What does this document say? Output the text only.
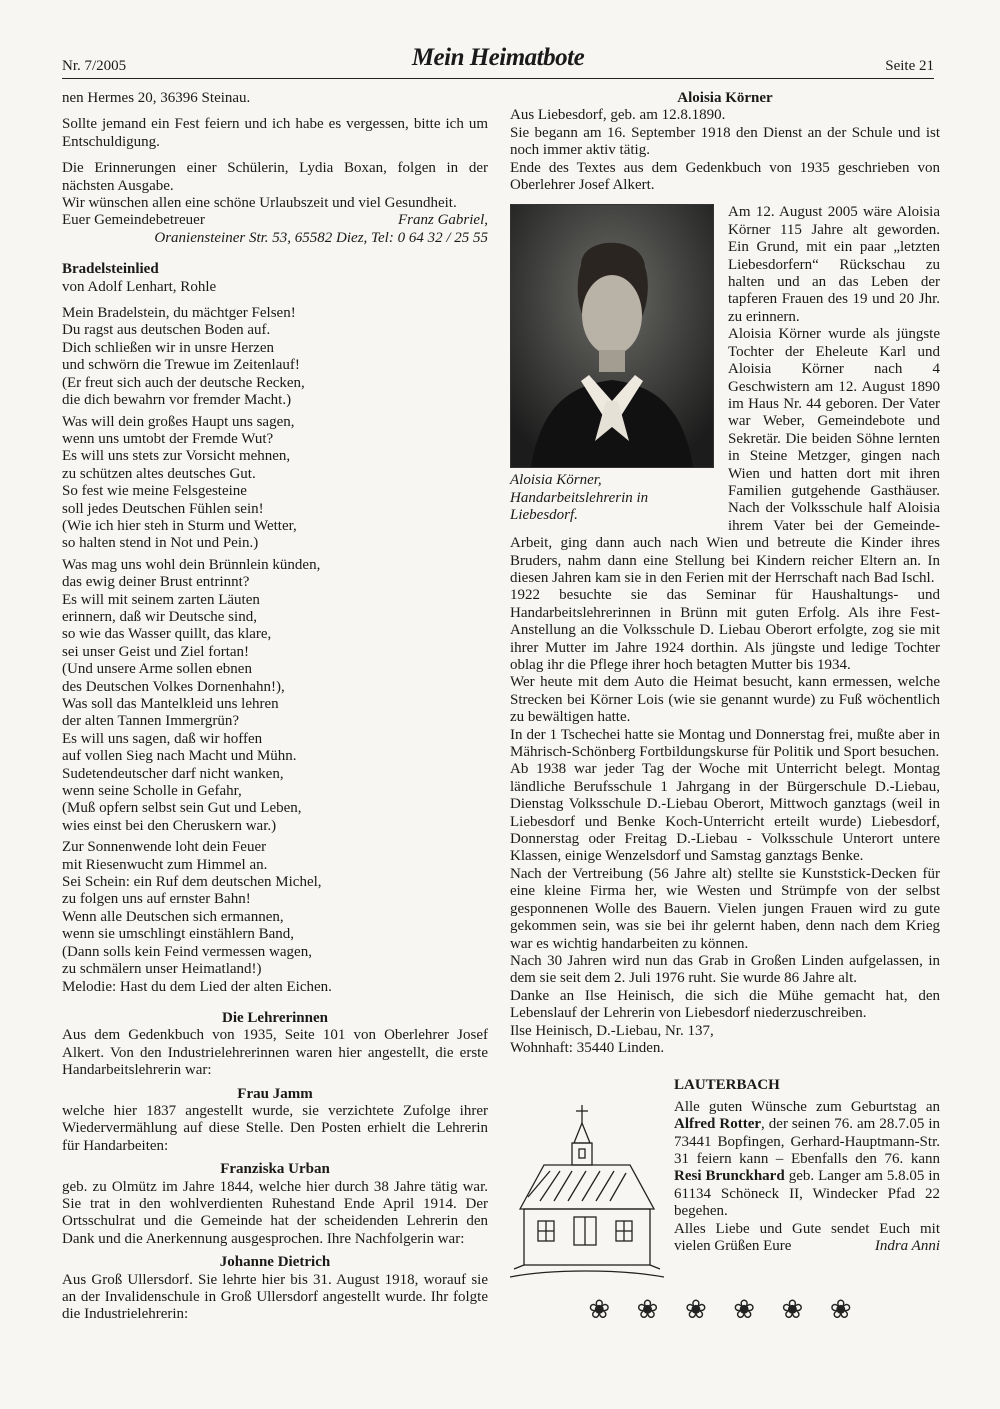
Nr. 7/2005	Mein Heimatbote	Seite 21

nen Hermes 20, 36396 Steinau.

Sollte jemand ein Fest feiern und ich habe es vergessen, bitte ich um Entschuldigung.

Die Erinnerungen einer Schülerin, Lydia Boxan, folgen in der nächsten Ausgabe.

Wir wünschen allen eine schöne Urlaubszeit und viel Gesundheit.

Euer Gemeindebetreuer	Franz Gabriel,

Oraniensteiner Str. 53, 65582 Diez, Tel: 0 64 32 / 25 55

Bradelsteinlied

von Adolf Lenhart, Rohle

Mein Bradelstein, du mächtger Felsen!

Du ragst aus deutschen Boden auf.

Dich schließen wir in unsre Herzen

und schwörn die Trewue im Zeitenlauf!

(Er freut sich auch der deutsche Recken,

die dich bewahrn vor fremder Macht.)

Was will dein großes Haupt uns sagen,

wenn uns umtobt der Fremde Wut?

Es will uns stets zur Vorsicht mehnen,

zu schützen altes deutsches Gut.

So fest wie meine Felsgesteine

soll jedes Deutschen Fühlen sein!

(Wie ich hier steh in Sturm und Wetter,

so halten stend in Not und Pein.)

Was mag uns wohl dein Brünnlein künden,

das ewig deiner Brust entrinnt?

Es will mit seinem zarten Läuten

erinnern, daß wir Deutsche sind,

so wie das Wasser quillt, das klare,

sei unser Geist und Ziel fortan!

(Und unsere Arme sollen ebnen

des Deutschen Volkes Dornenhahn!),

Was soll das Mantelkleid uns lehren

der alten Tannen Immergrün?

Es will uns sagen, daß wir hoffen

auf vollen Sieg nach Macht und Mühn.

Sudetendeutscher darf nicht wanken,

wenn seine Scholle in Gefahr,

(Muß opfern selbst sein Gut und Leben,

wies einst bei den Cheruskern war.)

Zur Sonnenwende loht dein Feuer

mit Riesenwucht zum Himmel an.

Sei Schein: ein Ruf dem deutschen Michel,

zu folgen uns auf ernster Bahn!

Wenn alle Deutschen sich ermannen,

wenn sie umschlingt einstählern Band,

(Dann solls kein Feind vermessen wagen,

zu schmälern unser Heimatland!)

Melodie: Hast du dem Lied der alten Eichen.

Die Lehrerinnen

Aus dem Gedenkbuch von 1935, Seite 101 von Oberlehrer Josef Alkert. Von den Industrielehrerinnen waren hier angestellt, die erste Handarbeitslehrerin war:

Frau Jamm

welche hier 1837 angestellt wurde, sie verzichtete Zufolge ihrer Wiedervermählung auf diese Stelle. Den Posten erhielt die Lehrerin für Handarbeiten:

Franziska Urban

geb. zu Olmütz im Jahre 1844, welche hier durch 38 Jahre tätig war. Sie trat in den wohlverdienten Ruhestand Ende April 1914. Der Ortsschulrat und die Gemeinde hat der scheidenden Lehrerin den Dank und die Anerkennung ausgesprochen. Ihre Nachfolgerin war:

Johanne Dietrich

Aus Groß Ullersdorf. Sie lehrte hier bis 31. August 1918, worauf sie an der Invalidenschule in Groß Ullersdorf angestellt wurde. Ihr folgte die Industrielehrerin:

Aloisia Körner

Aus Liebesdorf, geb. am 12.8.1890.

Sie begann am 16. September 1918 den Dienst an der Schule und ist noch immer aktiv tätig.

Ende des Textes aus dem Gedenkbuch von 1935 geschrieben von Oberlehrer Josef Alkert.

Aloisia Körner, Handarbeitslehrerin in Liebesdorf.

Am 12. August 2005 wäre Aloisia Körner 115 Jahre alt geworden. Ein Grund, mit ein paar „letzten Liebesdorfern“ Rückschau zu halten und an das Leben der tapferen Frauen des 19 und 20 Jhr. zu erinnern.

Aloisia Körner wurde als jüngste Tochter der Eheleute Karl und Aloisia Körner nach 4 Geschwistern am 12. August 1890 im Haus Nr. 44 geboren. Der Vater war Weber, Gemeindebote und Sekretär. Die beiden Söhne lernten in Steine Metzger, gingen nach Wien und hatten dort mit ihren Familien gutgehende Gasthäuser. Nach der Volksschule half Aloisia ihrem Vater bei der Gemeinde-Arbeit, ging dann auch nach Wien und betreute die Kinder ihres Bruders, nahm dann eine Stellung bei Kindern reicher Eltern an. In diesen Jahren kam sie in den Ferien mit der Herrschaft nach Bad Ischl.

1922 besuchte sie das Seminar für Haushaltungs- und Handarbeitslehrerinnen in Brünn mit guten Erfolg. Als ihre Fest-Anstellung an die Volksschule D. Liebau Oberort erfolgte, zog sie mit ihrer Mutter im Jahre 1924 dorthin. Als jüngste und ledige Tochter oblag ihr die Pflege ihrer hoch betagten Mutter bis 1934.

Wer heute mit dem Auto die Heimat besucht, kann ermessen, welche Strecken bei Körner Lois (wie sie genannt wurde) zu Fuß wöchentlich zu bewältigen hatte.

In der 1 Tschechei hatte sie Montag und Donnerstag frei, mußte aber in Mährisch-Schönberg Fortbildungskurse für Politik und Sport besuchen.

Ab 1938 war jeder Tag der Woche mit Unterricht belegt. Montag ländliche Berufsschule 1 Jahrgang in der Bürgerschule D.-Liebau, Dienstag Volksschule D.-Liebau Oberort, Mittwoch ganztags (weil in Liebesdorf und Benke Koch-Unterricht erteilt wurde) Liebesdorf, Donnerstag oder Freitag D.-Liebau - Volksschule Unterort untere Klassen, einige Wenzelsdorf und Samstag ganztags Benke.

Nach der Vertreibung (56 Jahre alt) stellte sie Kunststick-Decken für eine kleine Firma her, wie Westen und Strümpfe von der selbst gesponnenen Wolle des Bauern. Vielen jungen Frauen wird zu gute gekommen sein, was sie bei ihr gelernt haben, denn nach dem Krieg war es wichtig handarbeiten zu können.

Nach 30 Jahren wird nun das Grab in Großen Linden aufgelassen, in dem sie seit dem 2. Juli 1976 ruht. Sie wurde 86 Jahre alt.

Danke an Ilse Heinisch, die sich die Mühe gemacht hat, den Lebenslauf der Lehrerin von Liebesdorf niederzuschreiben.

Ilse Heinisch, D.-Liebau, Nr. 137,

Wohnhaft: 35440 Linden.

LAUTERBACH

Alle guten Wünsche zum Geburtstag an Alfred Rotter, der seinen 76. am 28.7.05 in 73441 Bopfingen, Gerhard-Hauptmann-Str. 31 feiern kann – Ebenfalls den 76. kann Resi Brunckhard geb. Langer am 5.8.05 in 61134 Schöneck II, Windecker Pfad 22 begehen.

Alles Liebe und Gute sendet Euch mit vielen Grüßen Eure	Indra Anni

❀ ❀ ❀ ❀ ❀ ❀
